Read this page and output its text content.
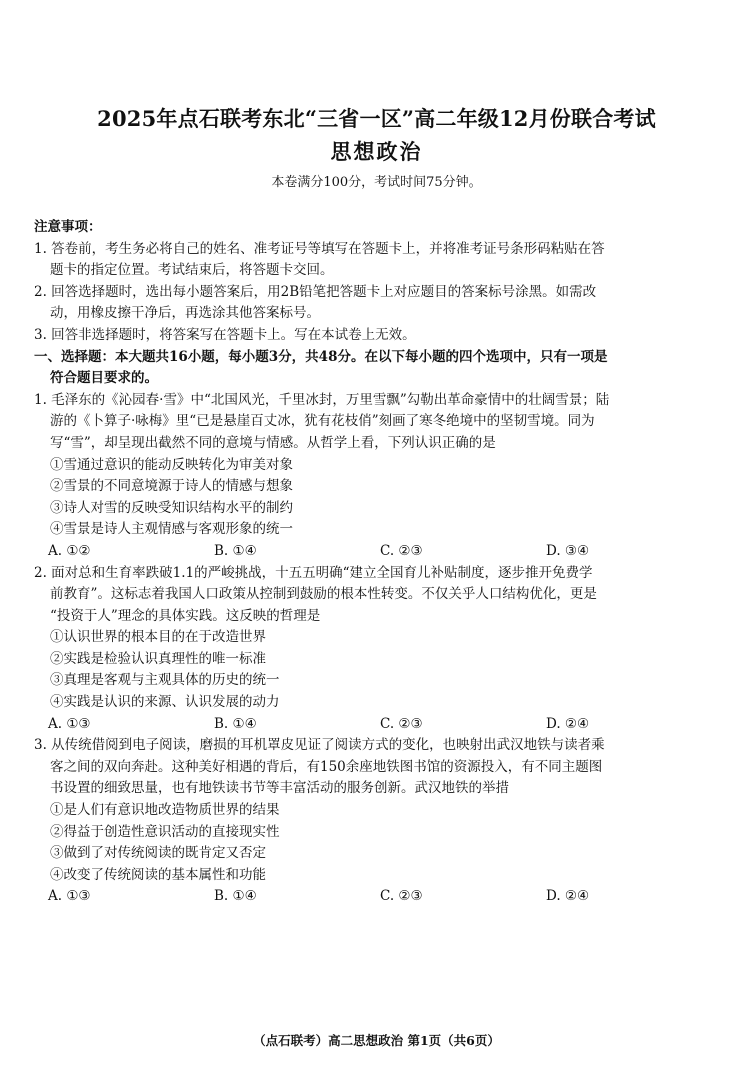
2025年点石联考东北“三省一区”高二年级12月份联合考试
思想政治
本卷满分100分，考试时间75分钟。
注意事项：
1. 答卷前，考生务必将自己的姓名、准考证号等填写在答题卡上，并将准考证号条形码粘贴在答
题卡的指定位置。考试结束后，将答题卡交回。
2. 回答选择题时，选出每小题答案后，用2B铅笔把答题卡上对应题目的答案标号涂黑。如需改
动，用橡皮擦干净后，再选涂其他答案标号。
3. 回答非选择题时，将答案写在答题卡上。写在本试卷上无效。
一、选择题：本大题共16小题，每小题3分，共48分。在以下每小题的四个选项中，只有一项是
符合题目要求的。
1. 毛泽东的《沁园春·雪》中“北国风光，千里冰封，万里雪飘”勾勒出革命豪情中的壮阔雪景；陆
游的《卜算子·咏梅》里“已是悬崖百丈冰，犹有花枝俏”刻画了寒冬绝境中的坚韧雪境。同为
写“雪”，却呈现出截然不同的意境与情感。从哲学上看，下列认识正确的是
①雪通过意识的能动反映转化为审美对象
②雪景的不同意境源于诗人的情感与想象
③诗人对雪的反映受知识结构水平的制约
④雪景是诗人主观情感与客观形象的统一
A. ①②	B. ①④	C. ②③	D. ③④
2. 面对总和生育率跌破1.1的严峻挑战，十五五明确“建立全国育儿补贴制度，逐步推开免费学
前教育”。这标志着我国人口政策从控制到鼓励的根本性转变。不仅关乎人口结构优化，更是
“投资于人”理念的具体实践。这反映的哲理是
①认识世界的根本目的在于改造世界
②实践是检验认识真理性的唯一标准
③真理是客观与主观具体的历史的统一
④实践是认识的来源、认识发展的动力
A. ①③	B. ①④	C. ②③	D. ②④
3. 从传统借阅到电子阅读，磨损的耳机罩皮见证了阅读方式的变化，也映射出武汉地铁与读者乘
客之间的双向奔赴。这种美好相遇的背后，有150余座地铁图书馆的资源投入，有不同主题图
书设置的细致思量，也有地铁读书节等丰富活动的服务创新。武汉地铁的举措
①是人们有意识地改造物质世界的结果
②得益于创造性意识活动的直接现实性
③做到了对传统阅读的既肯定又否定
④改变了传统阅读的基本属性和功能
A. ①③	B. ①④	C. ②③	D. ②④
（点石联考）高二思想政治 第1页（共6页）
